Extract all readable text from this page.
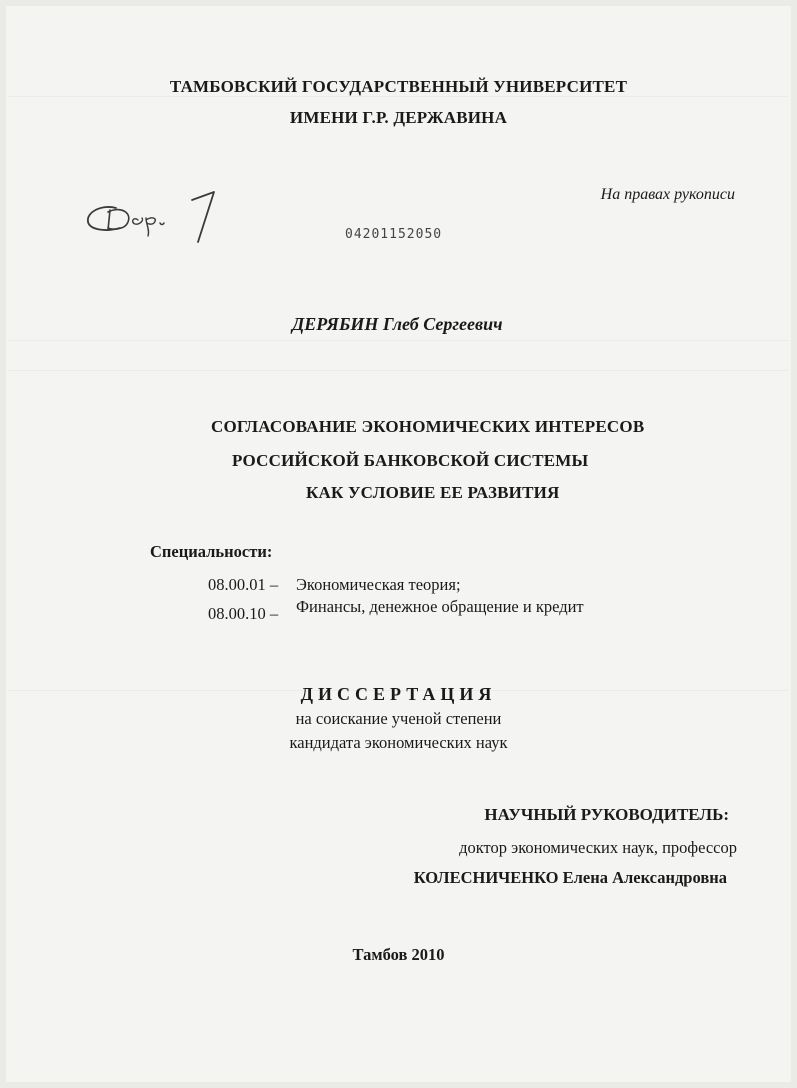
ТАМБОВСКИЙ ГОСУДАРСТВЕННЫЙ УНИВЕРСИТЕТ
ИМЕНИ Г.Р. ДЕРЖАВИНА
На правах рукописи
04201152050
ДЕРЯБИН Глеб Сергеевич
СОГЛАСОВАНИЕ ЭКОНОМИЧЕСКИХ ИНТЕРЕСОВ
РОССИЙСКОЙ БАНКОВСКОЙ СИСТЕМЫ
КАК УСЛОВИЕ ЕЕ РАЗВИТИЯ
Специальности:
08.00.01 – Экономическая теория;
08.00.10 – Финансы, денежное обращение и кредит
ДИССЕРТАЦИЯ
на соискание ученой степени
кандидата экономических наук
НАУЧНЫЙ РУКОВОДИТЕЛЬ:
доктор экономических наук, профессор
КОЛЕСНИЧЕНКО Елена Александровна
Тамбов 2010
